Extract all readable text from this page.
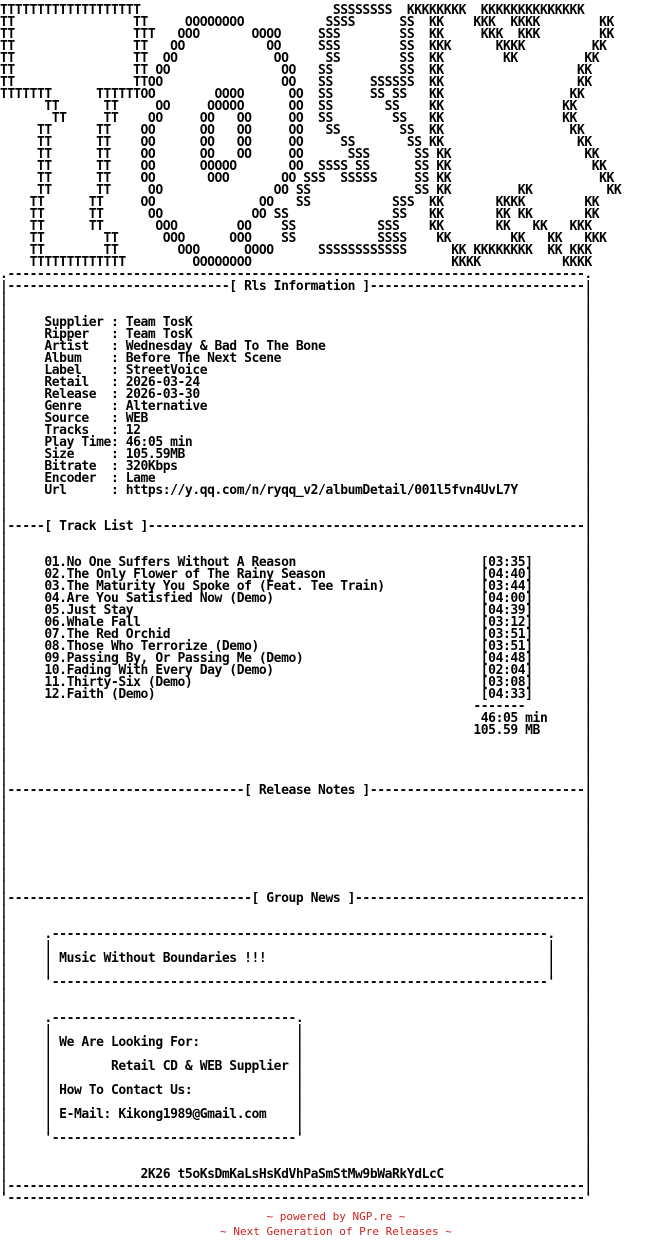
TTTTTTTTTTTTTTTTTTT                          SSSSSSSS  KKKKKKKK  KKKKKKKKKKKKKK
TT                TT     OOOOOOOO           SSSS      SS  KK    KKK  KKKK        KK
TT                TTT   OOO       OOOO     SSS        SS  KK     KKK  KKK        KK
TT                TT   OO           OO     SSS        SS  KKK      KKKK         KK
TT                TT  OO             OO     SS        SS  KK        KK         KK
TT                TT OO               OO   SS         SS  KK                  KK
TT                TTOO                OO   SS     SSSSSS  KK                  KK
TTTTTTT      TTTTTTOO        OOOO      OO  SS     SS SS   KK                 KK
TT      TT     OO     OOOOO      OO  SS       SS    KK                KK
TT     TT    OO     OO   OO     OO  SS        SS   KK                KK
TT      TT    OO      OO   OO     OO   SS        SS  KK                 KK
TT      TT    OO      OO   OO     OO     SS       SS KK                  KK
TT      TT    OO      OO   OO     OO      SSS      SS KK                  KK
TT      TT    OO      OOOOO       OO  SSSS SS      SS KK                   KK
TT      TT    OO       OOO       OO SSS  SSSSS     SS KK                    KK
TT      TT     OO               OO SS              SS KK         KK          KK
TT      TT     OO              OO   SS           SSS  KK       KKKK        KK
TT      TT      OO            OO SS              SS   KK       KK KK       KK
TT      TT       OOO        OO    SS           SSS    KK       KK   KK   KKK
TT        TT      OOO      OOO    SS           SSSS    KK        KK   KK   KKK
TT        TT        OOO      OOOO      SSSSSSSSSSSS      KK KKKKKKKK  KK KKK
TTTTTTTTTTTTT         OOOOOOOO                           KKKK           KKKK
.------------------------------------------------------------------------------.
|------------------------------[ Rls Information ]-----------------------------|
|                                                                              |
|                                                                              |
|     Supplier : Team TosK                                                     |
|     Ripper   : Team TosK                                                     |
|     Artist   : Wednesday & Bad To The Bone                                   |
|     Album    : Before The Next Scene                                         |
|     Label    : StreetVoice                                                   |
|     Retail   : 2026-03-24                                                    |
|     Release  : 2026-03-30                                                    |
|     Genre    : Alternative                                                   |
|     Source   : WEB                                                           |
|     Tracks   : 12                                                            |
|     Play Time: 46:05 min                                                     |
|     Size     : 105.59MB                                                      |
|     Bitrate  : 320Kbps                                                       |
|     Encoder  : Lame                                                          |
|     Url      : https://y.qq.com/n/ryqq_v2/albumDetail/001l5fvn4UvL7Y         |
|                                                                              |
|                                                                              |
|-----[ Track List ]-----------------------------------------------------------|
|                                                                              |
|                                                                              |
|     01.No One Suffers Without A Reason                         [03:35]       |
|     02.The Only Flower of The Rainy Season                     [04:40]       |
|     03.The Maturity You Spoke of (Feat. Tee Train)             [03:44]       |
|     04.Are You Satisfied Now (Demo)                            [04:00]       |
|     05.Just Stay                                               [04:39]       |
|     06.Whale Fall                                              [03:12]       |
|     07.The Red Orchid                                          [03:51]       |
|     08.Those Who Terrorize (Demo)                              [03:51]       |
|     09.Passing By, Or Passing Me (Demo)                        [04:48]       |
|     10.Fading With Every Day (Demo)                            [02:04]       |
|     11.Thirty-Six (Demo)                                       [03:08]       |
|     12.Faith (Demo)                                            [04:33]       |
|                                                               -------        |
|                                                                46:05 min     |
|                                                               105.59 MB      |
|                                                                              |
|                                                                              |
|                                                                              |
|                                                                              |
|--------------------------------[ Release Notes ]-----------------------------|
|                                                                              |
|                                                                              |
|                                                                              |
|                                                                              |
|                                                                              |
|                                                                              |
|                                                                              |
|                                                                              |
|---------------------------------[ Group News ]-------------------------------|
|                                                                              |
|                                                                              |
|     .-------------------------------------------------------------------.    |
|     |                                                                   |    |
|     | Music Without Boundaries !!!                                      |    |
|     |                                                                   |    |
|     '-------------------------------------------------------------------'    |
|                                                                              |
|                                                                              |
|     .---------------------------------.                                      |
|     |                                 |                                      |
|     | We Are Looking For:             |                                      |
|     |                                 |                                      |
|     |        Retail CD & WEB Supplier |                                      |
|     |                                 |                                      |
|     | How To Contact Us:              |                                      |
|     |                                 |                                      |
|     | E-Mail: Kikong1989@Gmail.com    |                                      |
|     |                                 |                                      |
|     '---------------------------------'                                      |
|                                                                              |
|                                                                              |
|                  2K26 t5oKsDmKaLsHsKdVhPaSmStMw9bWaRkYdLcC                   |
|------------------------------------------------------------------------------|
'------------------------------------------------------------------------------'
~ powered by NGP.re ~
~ Next Generation of Pre Releases ~
